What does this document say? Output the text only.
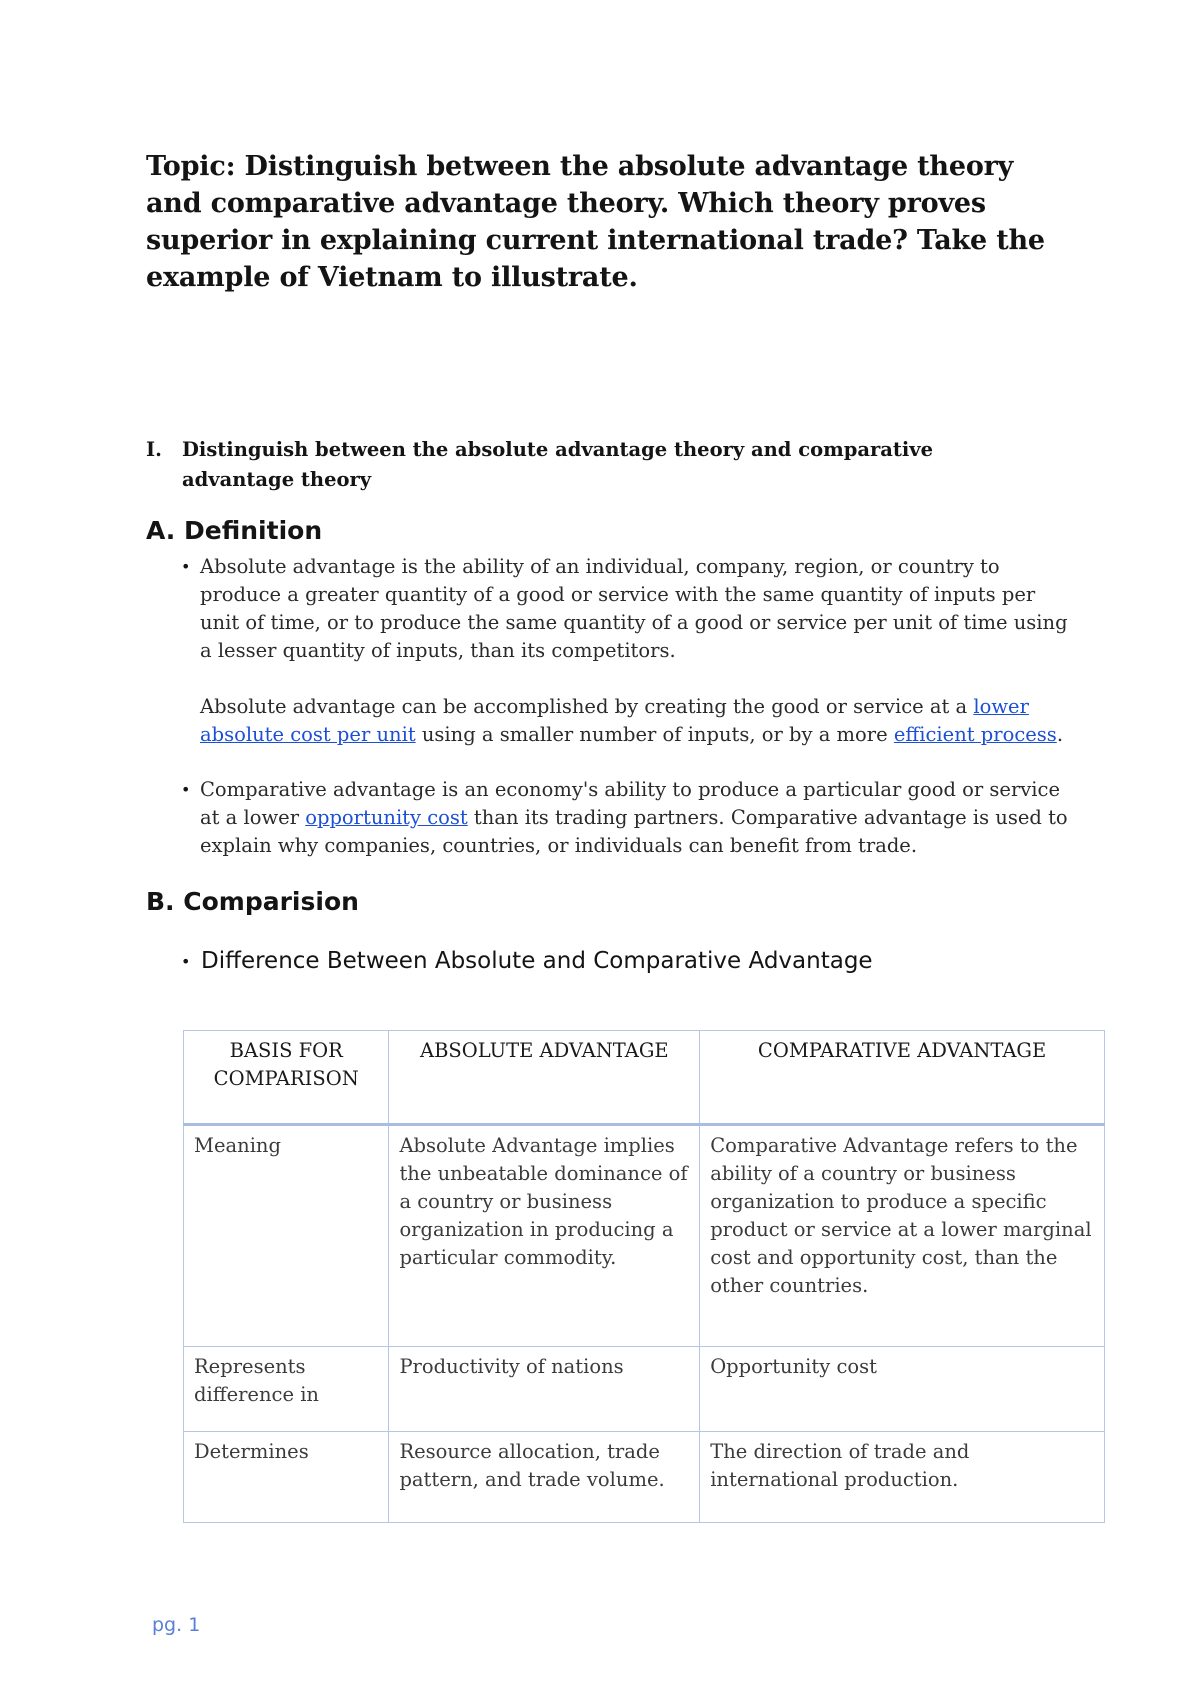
Topic: Distinguish between the absolute advantage theory and comparative advantage theory. Which theory proves superior in explaining current international trade? Take the example of Vietnam to illustrate.
I.	Distinguish between the absolute advantage theory and comparative advantage theory
A. Definition
• Absolute advantage is the ability of an individual, company, region, or country to produce a greater quantity of a good or service with the same quantity of inputs per unit of time, or to produce the same quantity of a good or service per unit of time using a lesser quantity of inputs, than its competitors.
Absolute advantage can be accomplished by creating the good or service at a lower absolute cost per unit using a smaller number of inputs, or by a more efficient process.
• Comparative advantage is an economy's ability to produce a particular good or service at a lower opportunity cost than its trading partners. Comparative advantage is used to explain why companies, countries, or individuals can benefit from trade.
B. Comparision
• Difference Between Absolute and Comparative Advantage
BASIS FOR COMPARISON	ABSOLUTE ADVANTAGE	COMPARATIVE ADVANTAGE
Meaning	Absolute Advantage implies the unbeatable dominance of a country or business organization in producing a particular commodity.	Comparative Advantage refers to the ability of a country or business organization to produce a specific product or service at a lower marginal cost and opportunity cost, than the other countries.
Represents difference in	Productivity of nations	Opportunity cost
Determines	Resource allocation, trade pattern, and trade volume.	The direction of trade and international production.
pg. 1
